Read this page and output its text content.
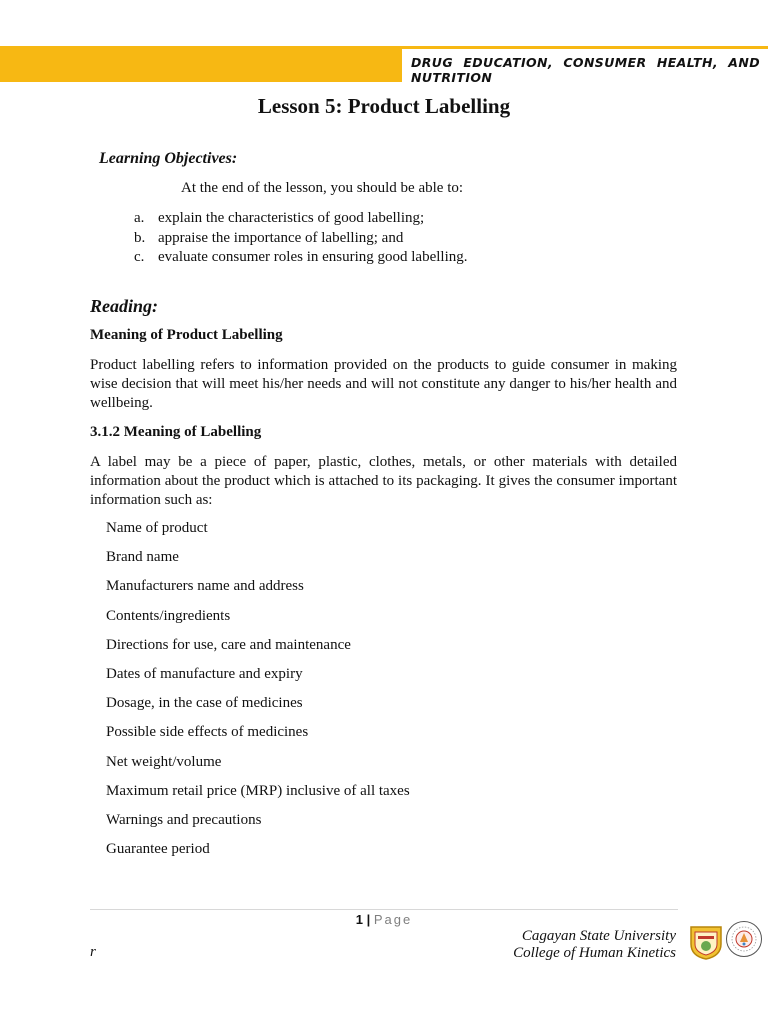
DRUG EDUCATION, CONSUMER HEALTH, AND NUTRITION
Lesson 5: Product Labelling
Learning Objectives:
At the end of the lesson, you should be able to:
a. explain the characteristics of good labelling;
b. appraise the importance of labelling; and
c. evaluate consumer roles in ensuring good labelling.
Reading:
Meaning of Product Labelling

Product labelling refers to information provided on the products to guide consumer in making wise decision that will meet his/her needs and will not constitute any danger to his/her health and wellbeing.

3.1.2 Meaning of Labelling

A label may be a piece of paper, plastic, clothes, metals, or other materials with detailed information about the product which is attached to its packaging. It gives the consumer important information such as:

Name of product
Brand name
Manufacturers name and address
Contents/ingredients
Directions for use, care and maintenance
Dates of manufacture and expiry
Dosage, in the case of medicines
Possible side effects of medicines
Net weight/volume
Maximum retail price (MRP) inclusive of all taxes
Warnings and precautions
Guarantee period
1 | Page
Cagayan State University
College of Human Kinetics
r
